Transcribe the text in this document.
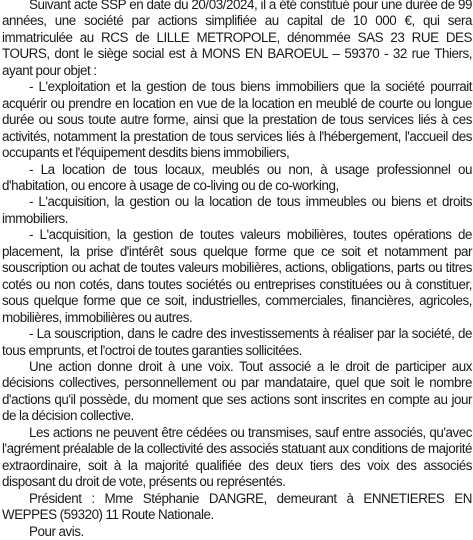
Suivant acte SSP en date du 20/03/2024, il a été constitué pour une durée de 99 années, une société par actions simplifiée au capital de 10 000 €, qui sera immatriculée au RCS de LILLE METROPOLE, dénommée SAS 23 RUE DES TOURS, dont le siège social est à MONS EN BAROEUL – 59370 - 32 rue Thiers, ayant pour objet :

- L'exploitation et la gestion de tous biens immobiliers que la société pourrait acquérir ou prendre en location en vue de la location en meublé de courte ou longue durée ou sous toute autre forme, ainsi que la prestation de tous services liés à ces activités, notamment la prestation de tous services liés à l'hébergement, l'accueil des occupants et l'équipement desdits biens immobiliers,

- La location de tous locaux, meublés ou non, à usage professionnel ou d'habitation, ou encore à usage de co-living ou de co-working,

- L'acquisition, la gestion ou la location de tous immeubles ou biens et droits immobiliers.

- L'acquisition, la gestion de toutes valeurs mobilières, toutes opérations de placement, la prise d'intérêt sous quelque forme que ce soit et notamment par souscription ou achat de toutes valeurs mobilières, actions, obligations, parts ou titres cotés ou non cotés, dans toutes sociétés ou entreprises constituées ou à constituer, sous quelque forme que ce soit, industrielles, commerciales, financières, agricoles, mobilières, immobilières ou autres.

- La souscription, dans le cadre des investissements à réaliser par la société, de tous emprunts, et l'octroi de toutes garanties sollicitées.

Une action donne droit à une voix. Tout associé a le droit de participer aux décisions collectives, personnellement ou par mandataire, quel que soit le nombre d'actions qu'il possède, du moment que ses actions sont inscrites en compte au jour de la décision collective.

Les actions ne peuvent être cédées ou transmises, sauf entre associés, qu'avec l'agrément préalable de la collectivité des associés statuant aux conditions de majorité extraordinaire, soit à la majorité qualifiée des deux tiers des voix des associés disposant du droit de vote, présents ou représentés.

Président : Mme Stéphanie DANGRE, demeurant à ENNETIERES EN WEPPES (59320) 11 Route Nationale.

Pour avis.
